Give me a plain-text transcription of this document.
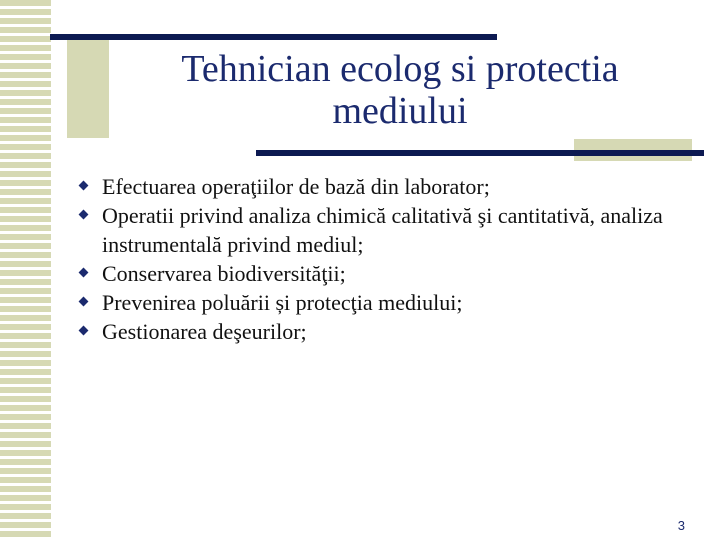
Tehnician ecolog si protectia
mediului
Efectuarea operaţiilor de bază din laborator;
Operatii privind analiza chimică calitativă şi cantitativă, analiza instrumentală privind mediul;
Conservarea biodiversităţii;
Prevenirea poluării și protecţia mediului;
Gestionarea deşeurilor;
3
